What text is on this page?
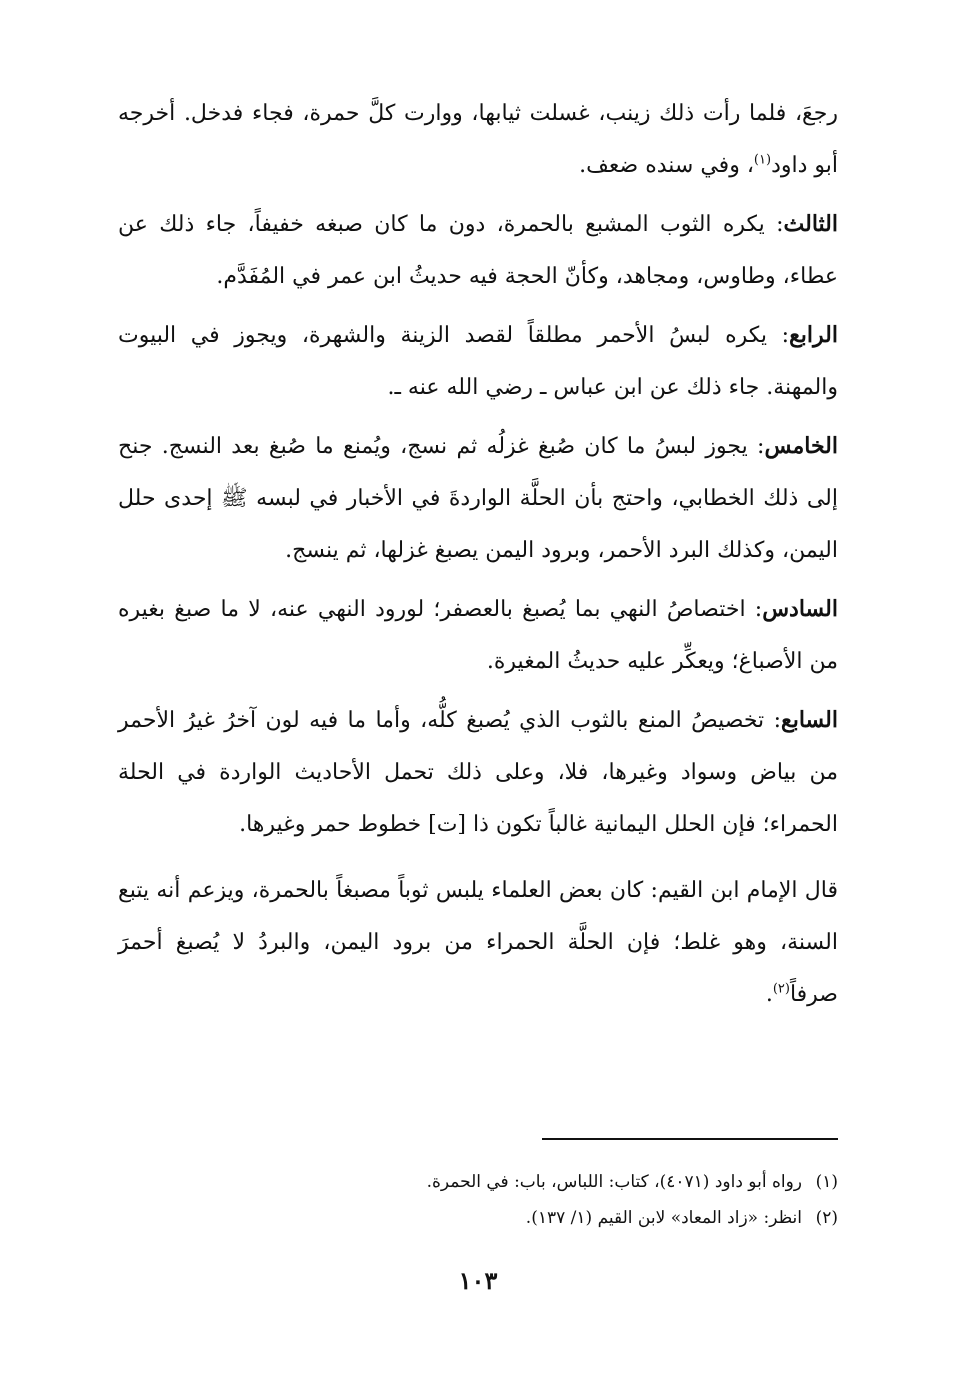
رجعَ، فلما رأت ذلك زينب، غسلت ثيابها، ووارت كلَّ حمرة، فجاء فدخل. أخرجه أبو داود$^{(١)}$، وفي سنده ضعف.

الثالث: يكره الثوب المشبع بالحمرة، دون ما كان صبغه خفيفاً، جاء ذلك عن عطاء، وطاوس، ومجاهد، وكأنّ الحجة فيه حديثُ ابن عمر في المُفَدَّم.

الرابع: يكره لبسُ الأحمر مطلقاً لقصد الزينة والشهرة، ويجوز في البيوت والمهنة. جاء ذلك عن ابن عباس ـ رضي الله عنه ـ.

الخامس: يجوز لبسُ ما كان صُبغ غزلُه ثم نسج، ويُمنع ما صُبغ بعد النسج. جنح إلى ذلك الخطابي، واحتج بأن الحلَّة الواردةَ في الأخبار في لبسه ﷺ إحدى حلل اليمن، وكذلك البرد الأحمر، وبرود اليمن يصبغ غزلها، ثم ينسج.

السادس: اختصاصُ النهي بما يُصبغ بالعصفر؛ لورود النهي عنه، لا ما صبغ بغيره من الأصباغ؛ ويعكِّر عليه حديثُ المغيرة.

السابع: تخصيصُ المنع بالثوب الذي يُصبغ كلُّه، وأما ما فيه لون آخرُ غيرُ الأحمر من بياض وسواد وغيرها، فلا، وعلى ذلك تحمل الأحاديث الواردة في الحلة الحمراء؛ فإن الحلل اليمانية غالباً تكون ذا [ت] خطوط حمر وغيرها.

قال الإمام ابن القيم: كان بعض العلماء يلبس ثوباً مصبغاً بالحمرة، ويزعم أنه يتبع السنة، وهو غلط؛ فإن الحلَّة الحمراء من برود اليمن، والبردُ لا يُصبغ أحمرَ صرفاً$^{(٢)}$.

(١)رواه أبو داود (٤٠٧١)، كتاب: اللباس، باب: في الحمرة.

(٢)انظر: «زاد المعاد» لابن القيم (١/ ١٣٧).

١٠٣
